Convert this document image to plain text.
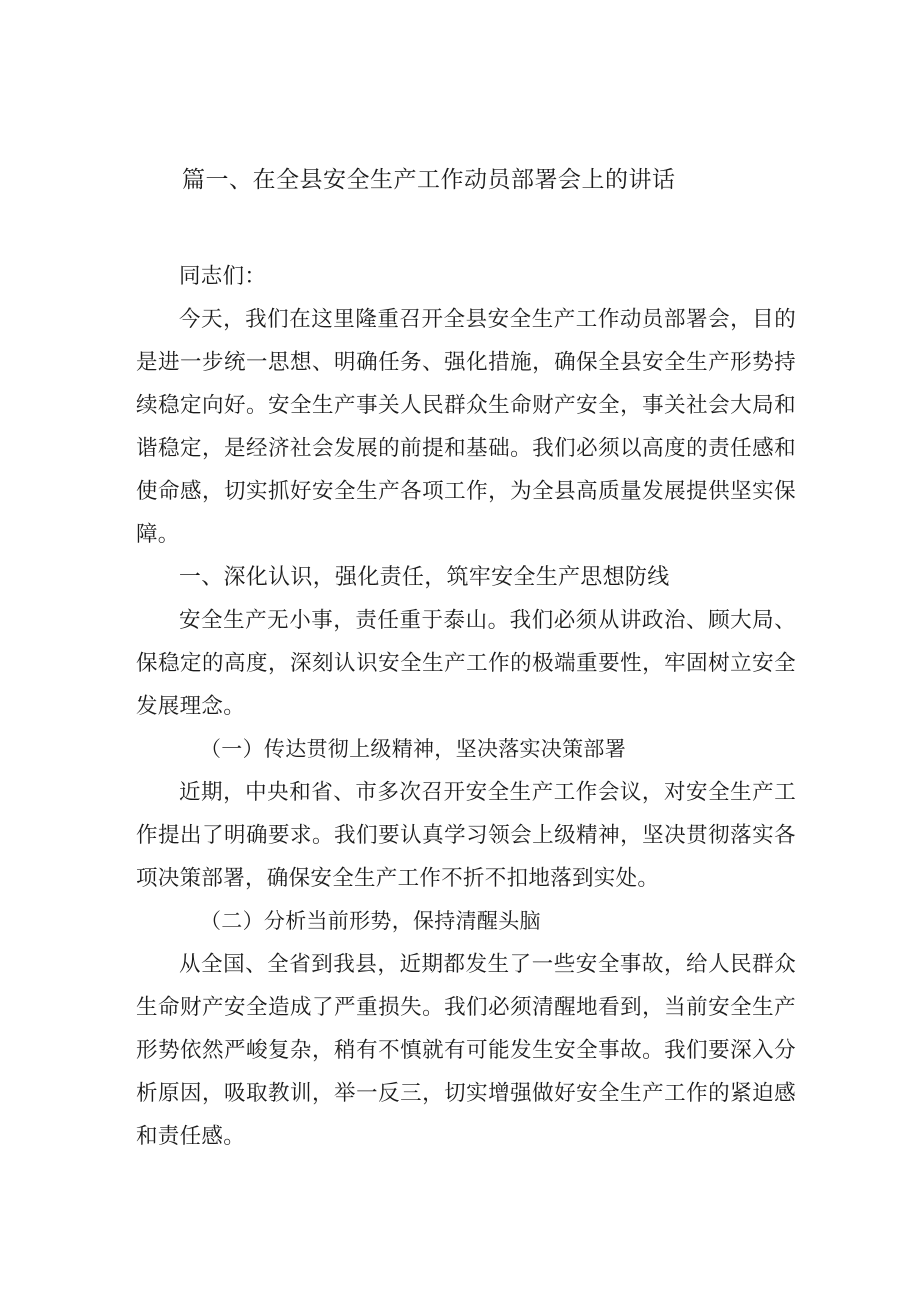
篇一、在全县安全生产工作动员部署会上的讲话

同志们：

今天，我们在这里隆重召开全县安全生产工作动员部署会，目的是进一步统一思想、明确任务、强化措施，确保全县安全生产形势持续稳定向好。安全生产事关人民群众生命财产安全，事关社会大局和谐稳定，是经济社会发展的前提和基础。我们必须以高度的责任感和使命感，切实抓好安全生产各项工作，为全县高质量发展提供坚实保障。

一、深化认识，强化责任，筑牢安全生产思想防线

安全生产无小事，责任重于泰山。我们必须从讲政治、顾大局、保稳定的高度，深刻认识安全生产工作的极端重要性，牢固树立安全发展理念。

（一）传达贯彻上级精神，坚决落实决策部署

近期，中央和省、市多次召开安全生产工作会议，对安全生产工作提出了明确要求。我们要认真学习领会上级精神，坚决贯彻落实各项决策部署，确保安全生产工作不折不扣地落到实处。

（二）分析当前形势，保持清醒头脑

从全国、全省到我县，近期都发生了一些安全事故，给人民群众生命财产安全造成了严重损失。我们必须清醒地看到，当前安全生产形势依然严峻复杂，稍有不慎就有可能发生安全事故。我们要深入分析原因，吸取教训，举一反三，切实增强做好安全生产工作的紧迫感和责任感。
